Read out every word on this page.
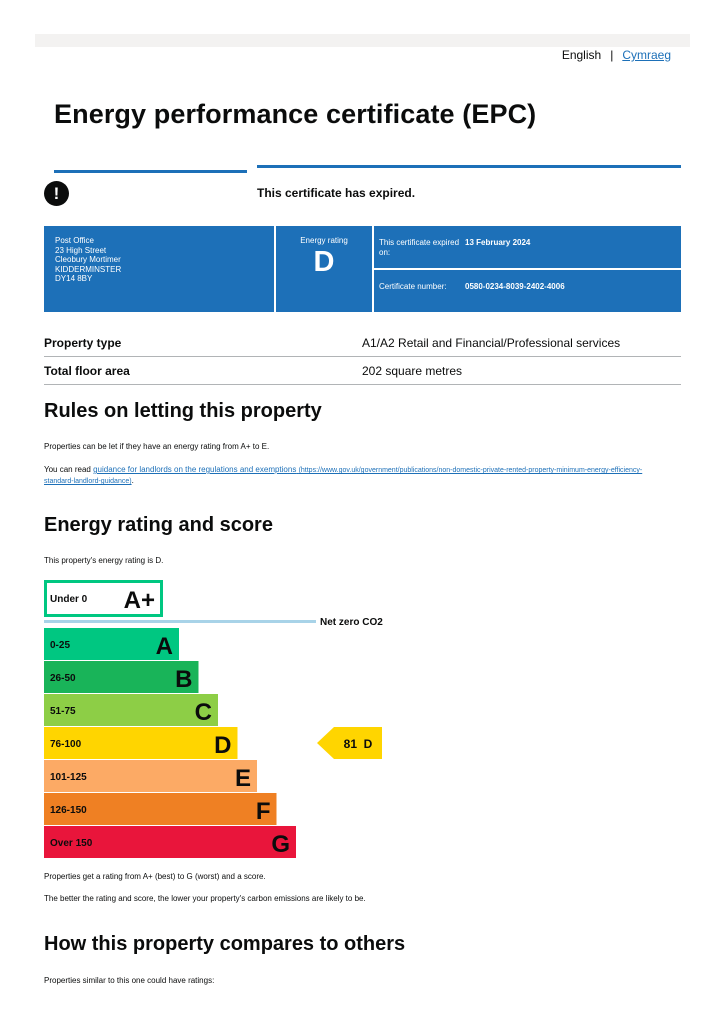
English | Cymraeg
Energy performance certificate (EPC)
!	This certificate has expired.
Post Office
23 High Street
Cleobury Mortimer
KIDDERMINSTER
DY14 8BY
Energy rating
D
This certificate expired on:
13 February 2024
Certificate number:	0580-0234-8039-2402-4006
Property type	A1/A2 Retail and Financial/Professional services
Total floor area	202 square metres
Rules on letting this property
Properties can be let if they have an energy rating from A+ to E.
You can read guidance for landlords on the regulations and exemptions (https://www.gov.uk/government/publications/non-domestic-private-rented-property-minimum-energy-efficiency-standard-landlord-guidance).
Energy rating and score
This property's energy rating is D.
Under 0 A+
0-25	A
26-50	B
51-75	C
76-100	D
101-125	E
126-150	F
Over 150	G
Net zero CO2
81  D
Properties get a rating from A+ (best) to G (worst) and a score.
The better the rating and score, the lower your property's carbon emissions are likely to be.
How this property compares to others
Properties similar to this one could have ratings:
